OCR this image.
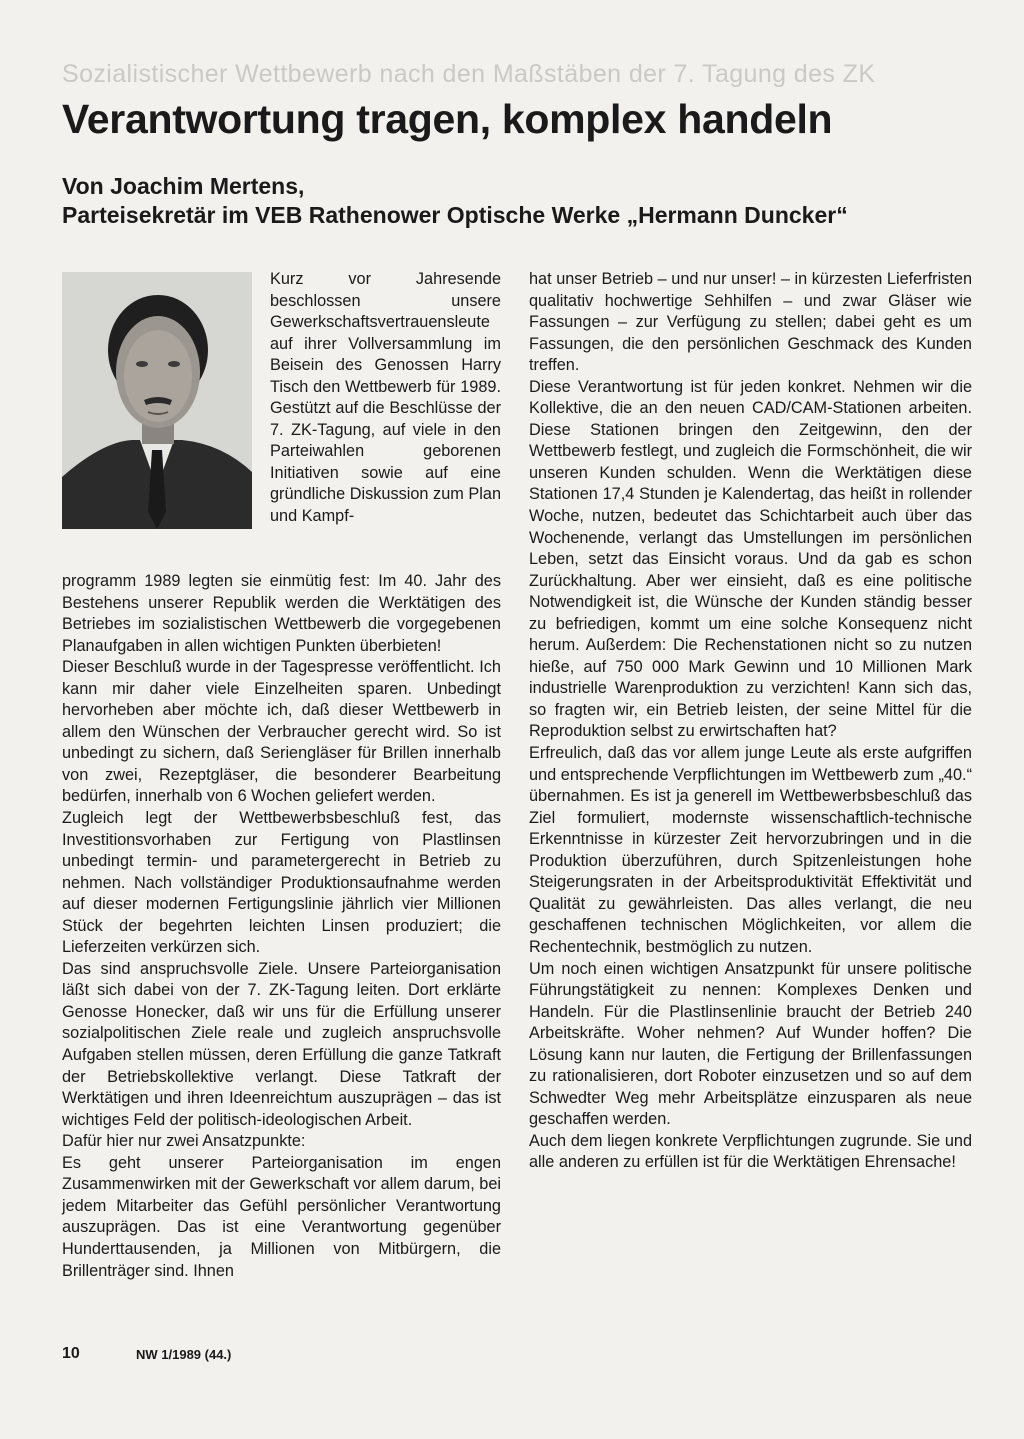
Sozialistischer Wettbewerb nach den Maßstäben der 7. Tagung des ZK
Verantwortung tragen, komplex handeln
Von Joachim Mertens,
Parteisekretär im VEB Rathenower Optische Werke „Hermann Duncker“

Kurz vor Jahresende beschlossen unsere Gewerkschaftsvertrauensleute auf ihrer Vollversammlung im Beisein des Genossen Harry Tisch den Wettbewerb für 1989. Gestützt auf die Beschlüsse der 7. ZK-Tagung, auf viele in den Parteiwahlen geborenen Initiativen sowie auf eine gründliche Diskussion zum Plan und Kampf-

programm 1989 legten sie einmütig fest: Im 40. Jahr des Bestehens unserer Republik werden die Werktätigen des Betriebes im sozialistischen Wettbewerb die vorgegebenen Planaufgaben in allen wichtigen Punkten überbieten!

Dieser Beschluß wurde in der Tagespresse veröffentlicht. Ich kann mir daher viele Einzelheiten sparen. Unbedingt hervorheben aber möchte ich, daß dieser Wettbewerb in allem den Wünschen der Verbraucher gerecht wird. So ist unbedingt zu sichern, daß Seriengläser für Brillen innerhalb von zwei, Rezeptgläser, die besonderer Bearbeitung bedürfen, innerhalb von 6 Wochen geliefert werden.

Zugleich legt der Wettbewerbsbeschluß fest, das Investitionsvorhaben zur Fertigung von Plastlinsen unbedingt termin- und parametergerecht in Betrieb zu nehmen. Nach vollständiger Produktionsaufnahme werden auf dieser modernen Fertigungslinie jährlich vier Millionen Stück der begehrten leichten Linsen produziert; die Lieferzeiten verkürzen sich.

Das sind anspruchsvolle Ziele. Unsere Parteiorganisation läßt sich dabei von der 7. ZK-Tagung leiten. Dort erklärte Genosse Honecker, daß wir uns für die Erfüllung unserer sozialpolitischen Ziele reale und zugleich anspruchsvolle Aufgaben stellen müssen, deren Erfüllung die ganze Tatkraft der Betriebskollektive verlangt. Diese Tatkraft der Werktätigen und ihren Ideenreichtum auszuprägen – das ist wichtiges Feld der politisch-ideologischen Arbeit.

Dafür hier nur zwei Ansatzpunkte:

Es geht unserer Parteiorganisation im engen Zusammenwirken mit der Gewerkschaft vor allem darum, bei jedem Mitarbeiter das Gefühl persönlicher Verantwortung auszuprägen. Das ist eine Verantwortung gegenüber Hunderttausenden, ja Millionen von Mitbürgern, die Brillenträger sind. Ihnen

hat unser Betrieb – und nur unser! – in kürzesten Lieferfristen qualitativ hochwertige Sehhilfen – und zwar Gläser wie Fassungen – zur Verfügung zu stellen; dabei geht es um Fassungen, die den persönlichen Geschmack des Kunden treffen.

Diese Verantwortung ist für jeden konkret. Nehmen wir die Kollektive, die an den neuen CAD/CAM-Stationen arbeiten. Diese Stationen bringen den Zeitgewinn, den der Wettbewerb festlegt, und zugleich die Formschönheit, die wir unseren Kunden schulden. Wenn die Werktätigen diese Stationen 17,4 Stunden je Kalendertag, das heißt in rollender Woche, nutzen, bedeutet das Schichtarbeit auch über das Wochenende, verlangt das Umstellungen im persönlichen Leben, setzt das Einsicht voraus. Und da gab es schon Zurückhaltung. Aber wer einsieht, daß es eine politische Notwendigkeit ist, die Wünsche der Kunden ständig besser zu befriedigen, kommt um eine solche Konsequenz nicht herum. Außerdem: Die Rechenstationen nicht so zu nutzen hieße, auf 750 000 Mark Gewinn und 10 Millionen Mark industrielle Warenproduktion zu verzichten! Kann sich das, so fragten wir, ein Betrieb leisten, der seine Mittel für die Reproduktion selbst zu erwirtschaften hat?

Erfreulich, daß das vor allem junge Leute als erste aufgriffen und entsprechende Verpflichtungen im Wettbewerb zum „40.“ übernahmen. Es ist ja generell im Wettbewerbsbeschluß das Ziel formuliert, modernste wissenschaftlich-technische Erkenntnisse in kürzester Zeit hervorzubringen und in die Produktion überzuführen, durch Spitzenleistungen hohe Steigerungsraten in der Arbeitsproduktivität Effektivität und Qualität zu gewährleisten. Das alles verlangt, die neu geschaffenen technischen Möglichkeiten, vor allem die Rechentechnik, bestmöglich zu nutzen.

Um noch einen wichtigen Ansatzpunkt für unsere politische Führungstätigkeit zu nennen: Komplexes Denken und Handeln. Für die Plastlinsenlinie braucht der Betrieb 240 Arbeitskräfte. Woher nehmen? Auf Wunder hoffen? Die Lösung kann nur lauten, die Fertigung der Brillenfassungen zu rationalisieren, dort Roboter einzusetzen und so auf dem Schwedter Weg mehr Arbeitsplätze einzusparen als neue geschaffen werden.

Auch dem liegen konkrete Verpflichtungen zugrunde. Sie und alle anderen zu erfüllen ist für die Werktätigen Ehrensache!

10	NW 1/1989 (44.)
